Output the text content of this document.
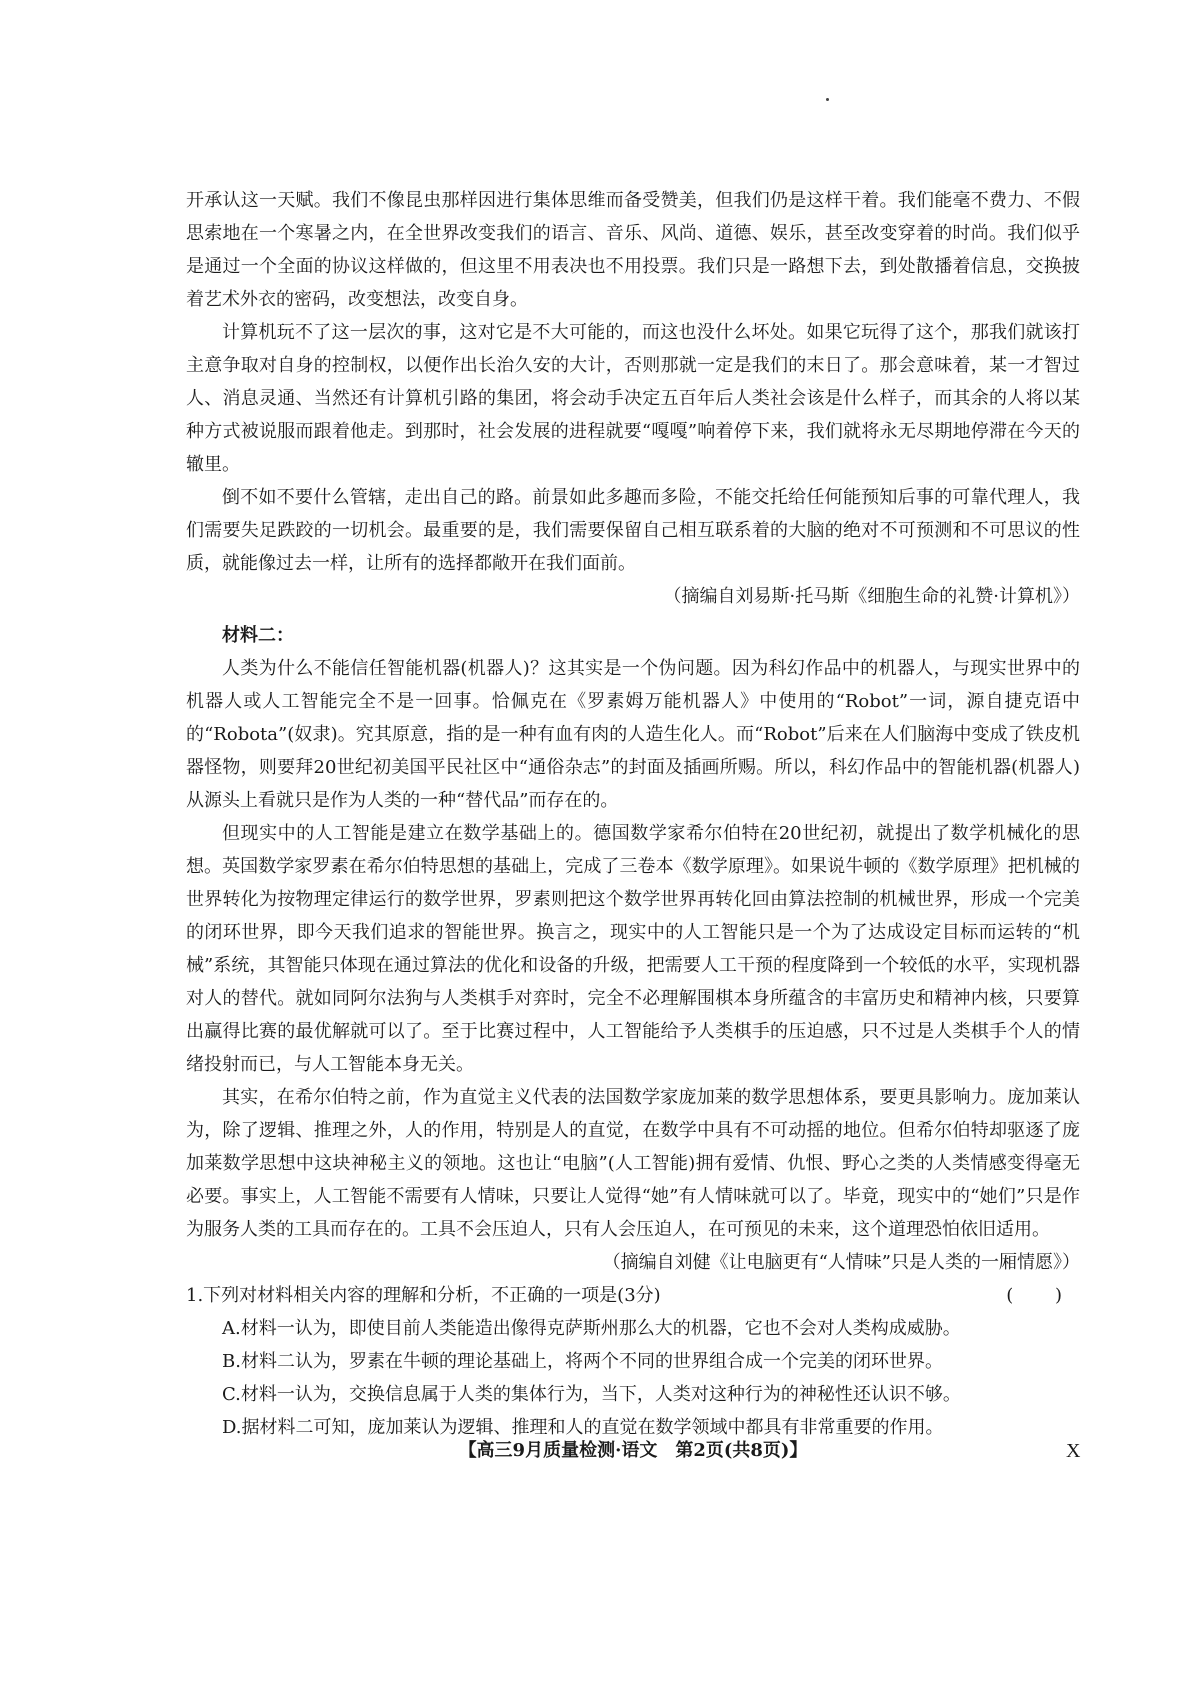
开承认这一天赋。我们不像昆虫那样因进行集体思维而备受赞美，但我们仍是这样干着。我们能毫不费力、不假思索地在一个寒暑之内，在全世界改变我们的语言、音乐、风尚、道德、娱乐，甚至改变穿着的时尚。我们似乎是通过一个全面的协议这样做的，但这里不用表决也不用投票。我们只是一路想下去，到处散播着信息，交换披着艺术外衣的密码，改变想法，改变自身。

计算机玩不了这一层次的事，这对它是不大可能的，而这也没什么坏处。如果它玩得了这个，那我们就该打主意争取对自身的控制权，以便作出长治久安的大计，否则那就一定是我们的末日了。那会意味着，某一才智过人、消息灵通、当然还有计算机引路的集团，将会动手决定五百年后人类社会该是什么样子，而其余的人将以某种方式被说服而跟着他走。到那时，社会发展的进程就要“嘎嘎”响着停下来，我们就将永无尽期地停滞在今天的辙里。

倒不如不要什么管辖，走出自己的路。前景如此多趣而多险，不能交托给任何能预知后事的可靠代理人，我们需要失足跌跤的一切机会。最重要的是，我们需要保留自己相互联系着的大脑的绝对不可预测和不可思议的性质，就能像过去一样，让所有的选择都敞开在我们面前。

（摘编自刘易斯·托马斯《细胞生命的礼赞·计算机》）

材料二：

人类为什么不能信任智能机器(机器人)？这其实是一个伪问题。因为科幻作品中的机器人，与现实世界中的机器人或人工智能完全不是一回事。恰佩克在《罗素姆万能机器人》中使用的“Robot”一词，源自捷克语中的“Robota”(奴隶)。究其原意，指的是一种有血有肉的人造生化人。而“Robot”后来在人们脑海中变成了铁皮机器怪物，则要拜20世纪初美国平民社区中“通俗杂志”的封面及插画所赐。所以，科幻作品中的智能机器(机器人)从源头上看就只是作为人类的一种“替代品”而存在的。

但现实中的人工智能是建立在数学基础上的。德国数学家希尔伯特在20世纪初，就提出了数学机械化的思想。英国数学家罗素在希尔伯特思想的基础上，完成了三卷本《数学原理》。如果说牛顿的《数学原理》把机械的世界转化为按物理定律运行的数学世界，罗素则把这个数学世界再转化回由算法控制的机械世界，形成一个完美的闭环世界，即今天我们追求的智能世界。换言之，现实中的人工智能只是一个为了达成设定目标而运转的“机械”系统，其智能只体现在通过算法的优化和设备的升级，把需要人工干预的程度降到一个较低的水平，实现机器对人的替代。就如同阿尔法狗与人类棋手对弈时，完全不必理解围棋本身所蕴含的丰富历史和精神内核，只要算出赢得比赛的最优解就可以了。至于比赛过程中，人工智能给予人类棋手的压迫感，只不过是人类棋手个人的情绪投射而已，与人工智能本身无关。

其实，在希尔伯特之前，作为直觉主义代表的法国数学家庞加莱的数学思想体系，要更具影响力。庞加莱认为，除了逻辑、推理之外，人的作用，特别是人的直觉，在数学中具有不可动摇的地位。但希尔伯特却驱逐了庞加莱数学思想中这块神秘主义的领地。这也让“电脑”(人工智能)拥有爱情、仇恨、野心之类的人类情感变得毫无必要。事实上，人工智能不需要有人情味，只要让人觉得“她”有人情味就可以了。毕竟，现实中的“她们”只是作为服务人类的工具而存在的。工具不会压迫人，只有人会压迫人，在可预见的未来，这个道理恐怕依旧适用。

（摘编自刘健《让电脑更有“人情味”只是人类的一厢情愿》）

1.下列对材料相关内容的理解和分析，不正确的一项是(3分)	( )

A.材料一认为，即使目前人类能造出像得克萨斯州那么大的机器，它也不会对人类构成威胁。

B.材料二认为，罗素在牛顿的理论基础上，将两个不同的世界组合成一个完美的闭环世界。

C.材料一认为，交换信息属于人类的集体行为，当下，人类对这种行为的神秘性还认识不够。

D.据材料二可知，庞加莱认为逻辑、推理和人的直觉在数学领域中都具有非常重要的作用。

【高三9月质量检测·语文　第2页(共8页)】	X
